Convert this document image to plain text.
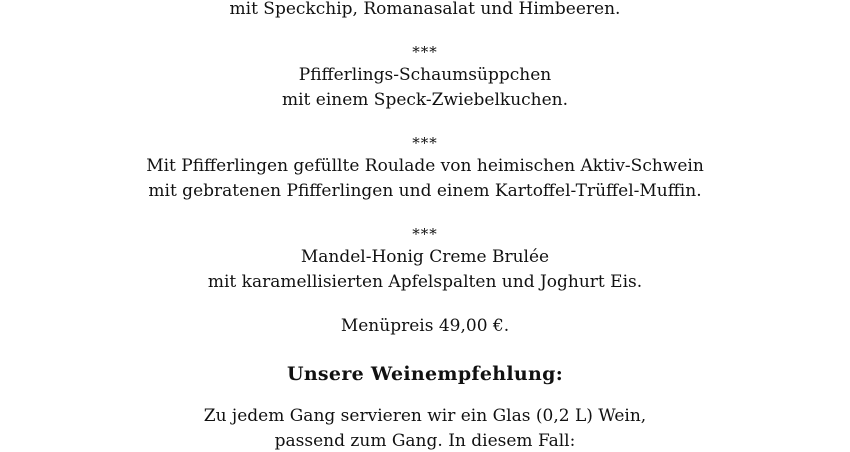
mit Speckchip, Romanasalat und Himbeeren.
***
Pfifferlings-Schaumsüppchen
mit einem Speck-Zwiebelkuchen.
***
Mit Pfifferlingen gefüllte Roulade von heimischen Aktiv-Schwein
mit gebratenen Pfifferlingen und einem Kartoffel-Trüffel-Muffin.
***
Mandel-Honig Creme Brulée
mit karamellisierten Apfelspalten und Joghurt Eis.
Menüpreis 49,00 €.
Unsere Weinempfehlung:
Zu jedem Gang servieren wir ein Glas (0,2 L) Wein,
passend zum Gang. In diesem Fall:
